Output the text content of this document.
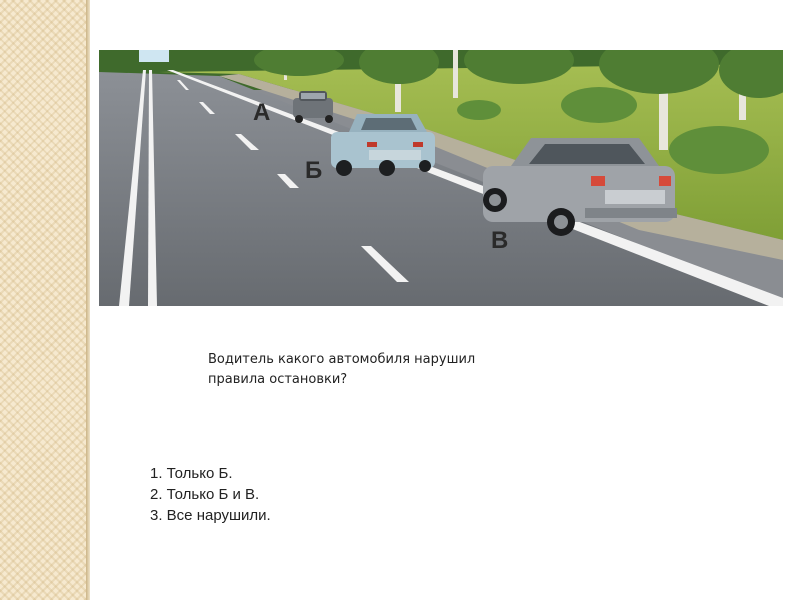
А
Б
В
Водитель какого автомобиля нарушил
правила остановки?
1. Только Б.
2. Только Б и В.
3. Все нарушили.
